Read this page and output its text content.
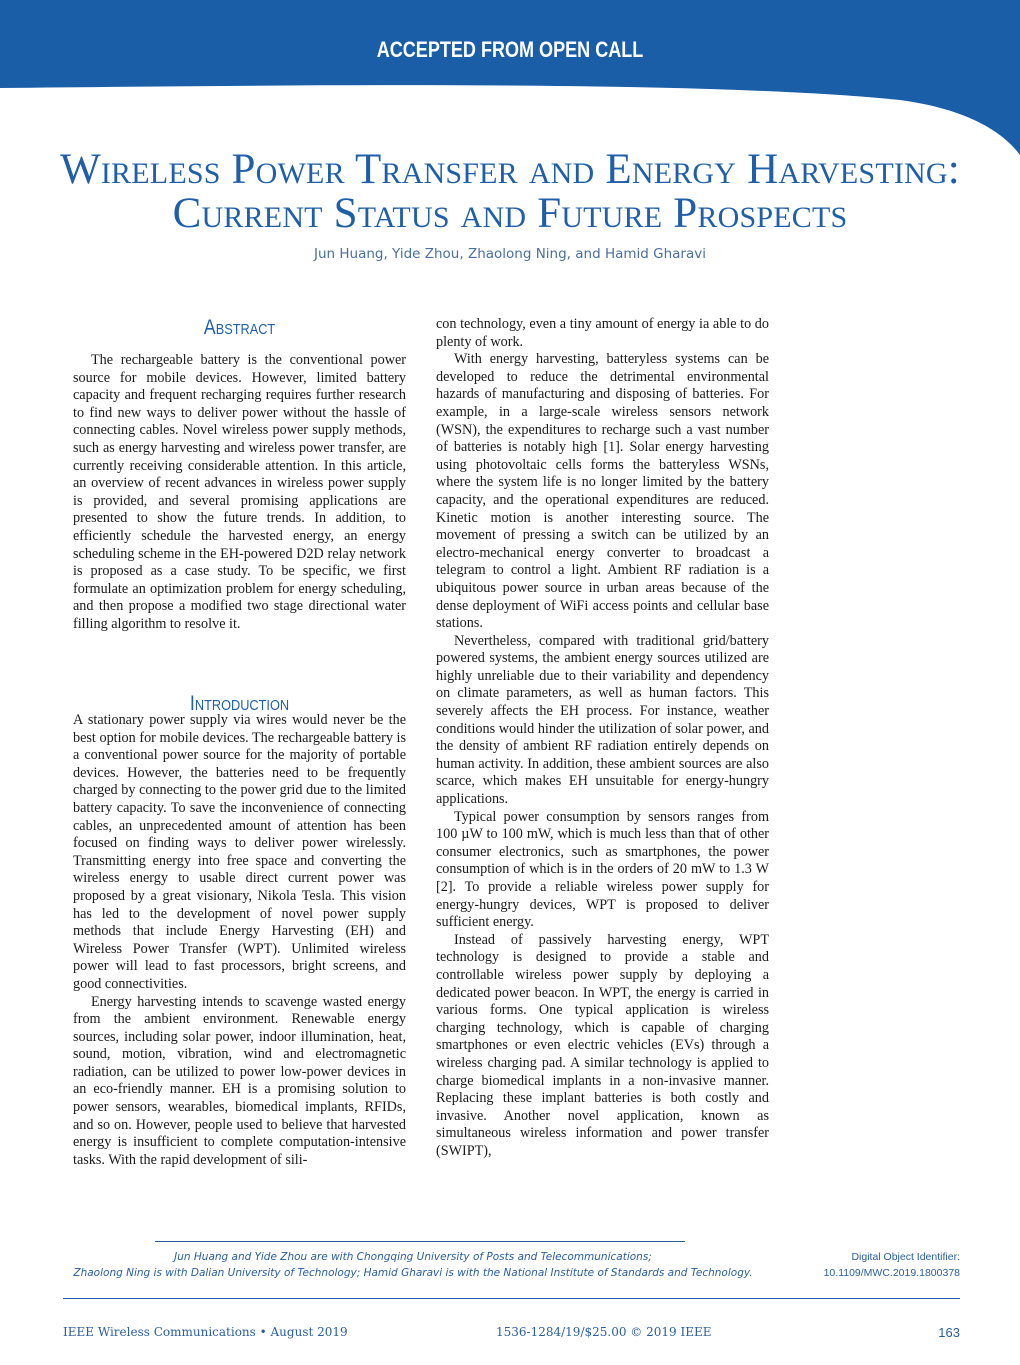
ACCEPTED FROM OPEN CALL
Wireless Power Transfer and Energy Harvesting:
Current Status and Future Prospects
Jun Huang, Yide Zhou, Zhaolong Ning, and Hamid Gharavi
Abstract

The rechargeable battery is the conventional power source for mobile devices. However, limited battery capacity and frequent recharging requires further research to find new ways to deliver power without the hassle of connecting cables. Novel wireless power supply methods, such as energy harvesting and wireless power transfer, are currently receiving considerable attention. In this article, an overview of recent advances in wireless power supply is provided, and several promising applications are presented to show the future trends. In addition, to efficiently schedule the harvested energy, an energy scheduling scheme in the EH-powered D2D relay network is proposed as a case study. To be specific, we first formulate an optimization problem for energy scheduling, and then propose a modified two stage directional water filling algorithm to resolve it.

Introduction

A stationary power supply via wires would never be the best option for mobile devices. The rechargeable battery is a conventional power source for the majority of portable devices. However, the batteries need to be frequently charged by connecting to the power grid due to the limited battery capacity. To save the inconvenience of connecting cables, an unprecedented amount of attention has been focused on finding ways to deliver power wirelessly. Transmitting energy into free space and converting the wireless energy to usable direct current power was proposed by a great visionary, Nikola Tesla. This vision has led to the development of novel power supply methods that include Energy Harvesting (EH) and Wireless Power Transfer (WPT). Unlimited wireless power will lead to fast processors, bright screens, and good connectivities.

Energy harvesting intends to scavenge wasted energy from the ambient environment. Renewable energy sources, including solar power, indoor illumination, heat, sound, motion, vibration, wind and electromagnetic radiation, can be utilized to power low-power devices in an eco-friendly manner. EH is a promising solution to power sensors, wearables, biomedical implants, RFIDs, and so on. However, people used to believe that harvested energy is insufficient to complete computation-intensive tasks. With the rapid development of sili-

con technology, even a tiny amount of energy ia able to do plenty of work.

With energy harvesting, batteryless systems can be developed to reduce the detrimental environmental hazards of manufacturing and disposing of batteries. For example, in a large-scale wireless sensors network (WSN), the expenditures to recharge such a vast number of batteries is notably high [1]. Solar energy harvesting using photovoltaic cells forms the batteryless WSNs, where the system life is no longer limited by the battery capacity, and the operational expenditures are reduced. Kinetic motion is another interesting source. The movement of pressing a switch can be utilized by an electro-mechanical energy converter to broadcast a telegram to control a light. Ambient RF radiation is a ubiquitous power source in urban areas because of the dense deployment of WiFi access points and cellular base stations.

Nevertheless, compared with traditional grid/battery powered systems, the ambient energy sources utilized are highly unreliable due to their variability and dependency on climate parameters, as well as human factors. This severely affects the EH process. For instance, weather conditions would hinder the utilization of solar power, and the density of ambient RF radiation entirely depends on human activity. In addition, these ambient sources are also scarce, which makes EH unsuitable for energy-hungry applications.

Typical power consumption by sensors ranges from 100 µW to 100 mW, which is much less than that of other consumer electronics, such as smartphones, the power consumption of which is in the orders of 20 mW to 1.3 W [2]. To provide a reliable wireless power supply for energy-hungry devices, WPT is proposed to deliver sufficient energy.

Instead of passively harvesting energy, WPT technology is designed to provide a stable and controllable wireless power supply by deploying a dedicated power beacon. In WPT, the energy is carried in various forms. One typical application is wireless charging technology, which is capable of charging smartphones or even electric vehicles (EVs) through a wireless charging pad. A similar technology is applied to charge biomedical implants in a non-invasive manner. Replacing these implant batteries is both costly and invasive. Another novel application, known as simultaneous wireless information and power transfer (SWIPT),

Jun Huang and Yide Zhou are with Chongqing University of Posts and Telecommunications;
Zhaolong Ning is with Dalian University of Technology; Hamid Gharavi is with the National Institute of Standards and Technology.
Digital Object Identifier:
10.1109/MWC.2019.1800378
IEEE Wireless Communications • August 2019	1536-1284/19/$25.00 © 2019 IEEE	163
